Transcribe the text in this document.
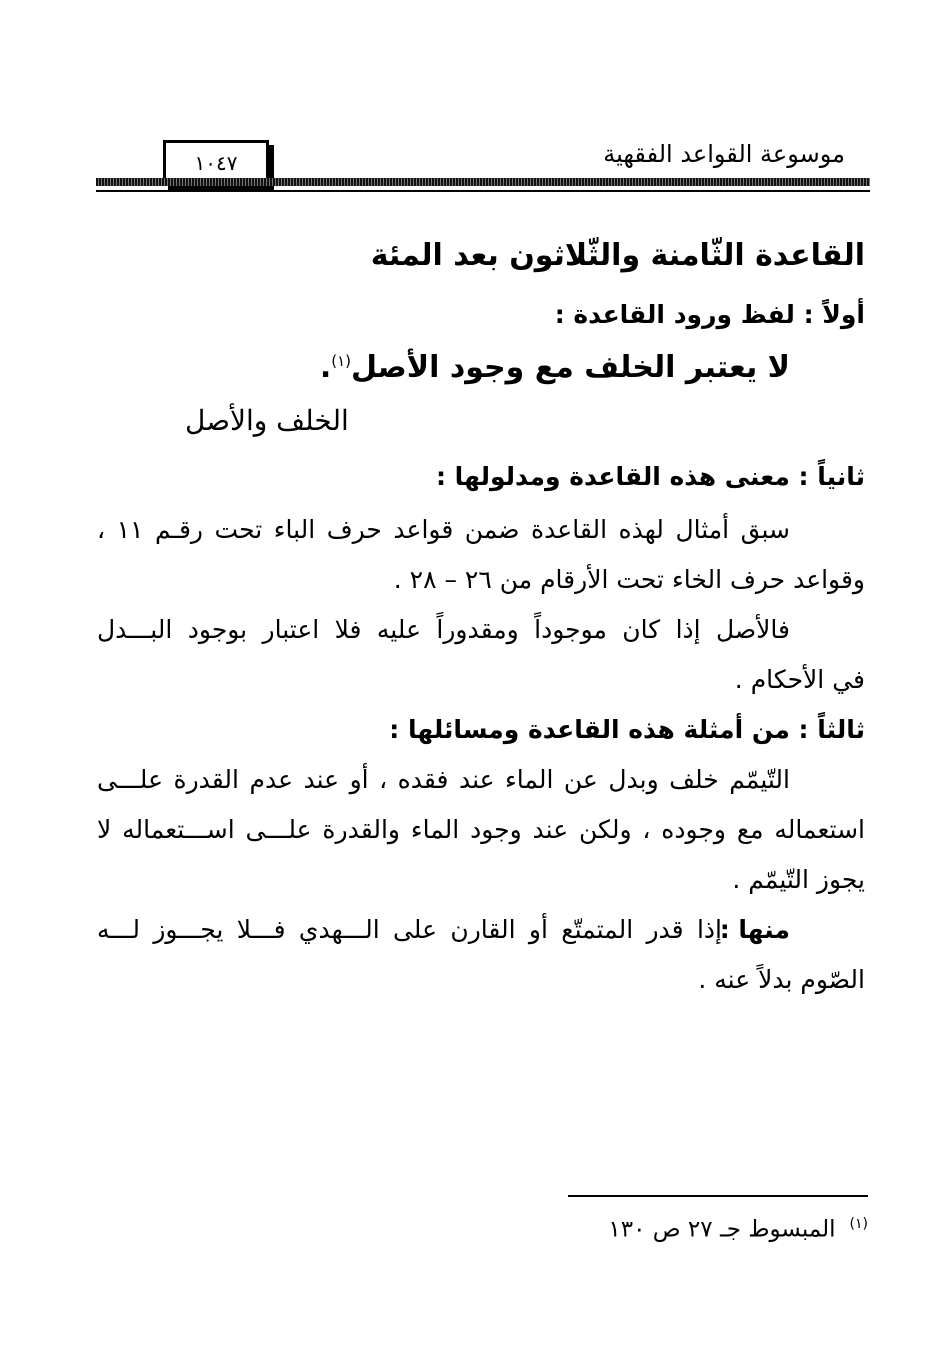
موسوعة القواعد الفقهية
١٠٤٧
القاعدة الثّامنة والثّلاثون بعد المئة
أولاً : لفظ ورود القاعدة :
لا يعتبر الخلف مع وجود الأصل$^{(١)}$.
الخلف والأصل
ثانياً : معنى هذه القاعدة ومدلولها :
سبق أمثال لهذه القاعدة ضمن قواعد حرف الباء تحت رقـم ١١ ،
وقواعد حرف الخاء تحت الأرقام من ٢٦ – ٢٨ .
فالأصل إذا كان موجوداً ومقدوراً عليه فلا اعتبار بوجود البـــدل
في الأحكام .
ثالثاً : من أمثلة هذه القاعدة ومسائلها :
التّيمّم خلف وبدل عن الماء عند فقده ، أو عند عدم القدرة علـــى
استعماله مع وجوده ، ولكن عند وجود الماء والقدرة علـــى اســـتعماله لا
يجوز التّيمّم .
منها :
إذا قدر المتمتّع أو القارن على الـــهدي فـــلا يجـــوز لـــه
الصّوم بدلاً عنه .
$^{(١)}$المبسوط جـ ٢٧ ص ١٣٠
